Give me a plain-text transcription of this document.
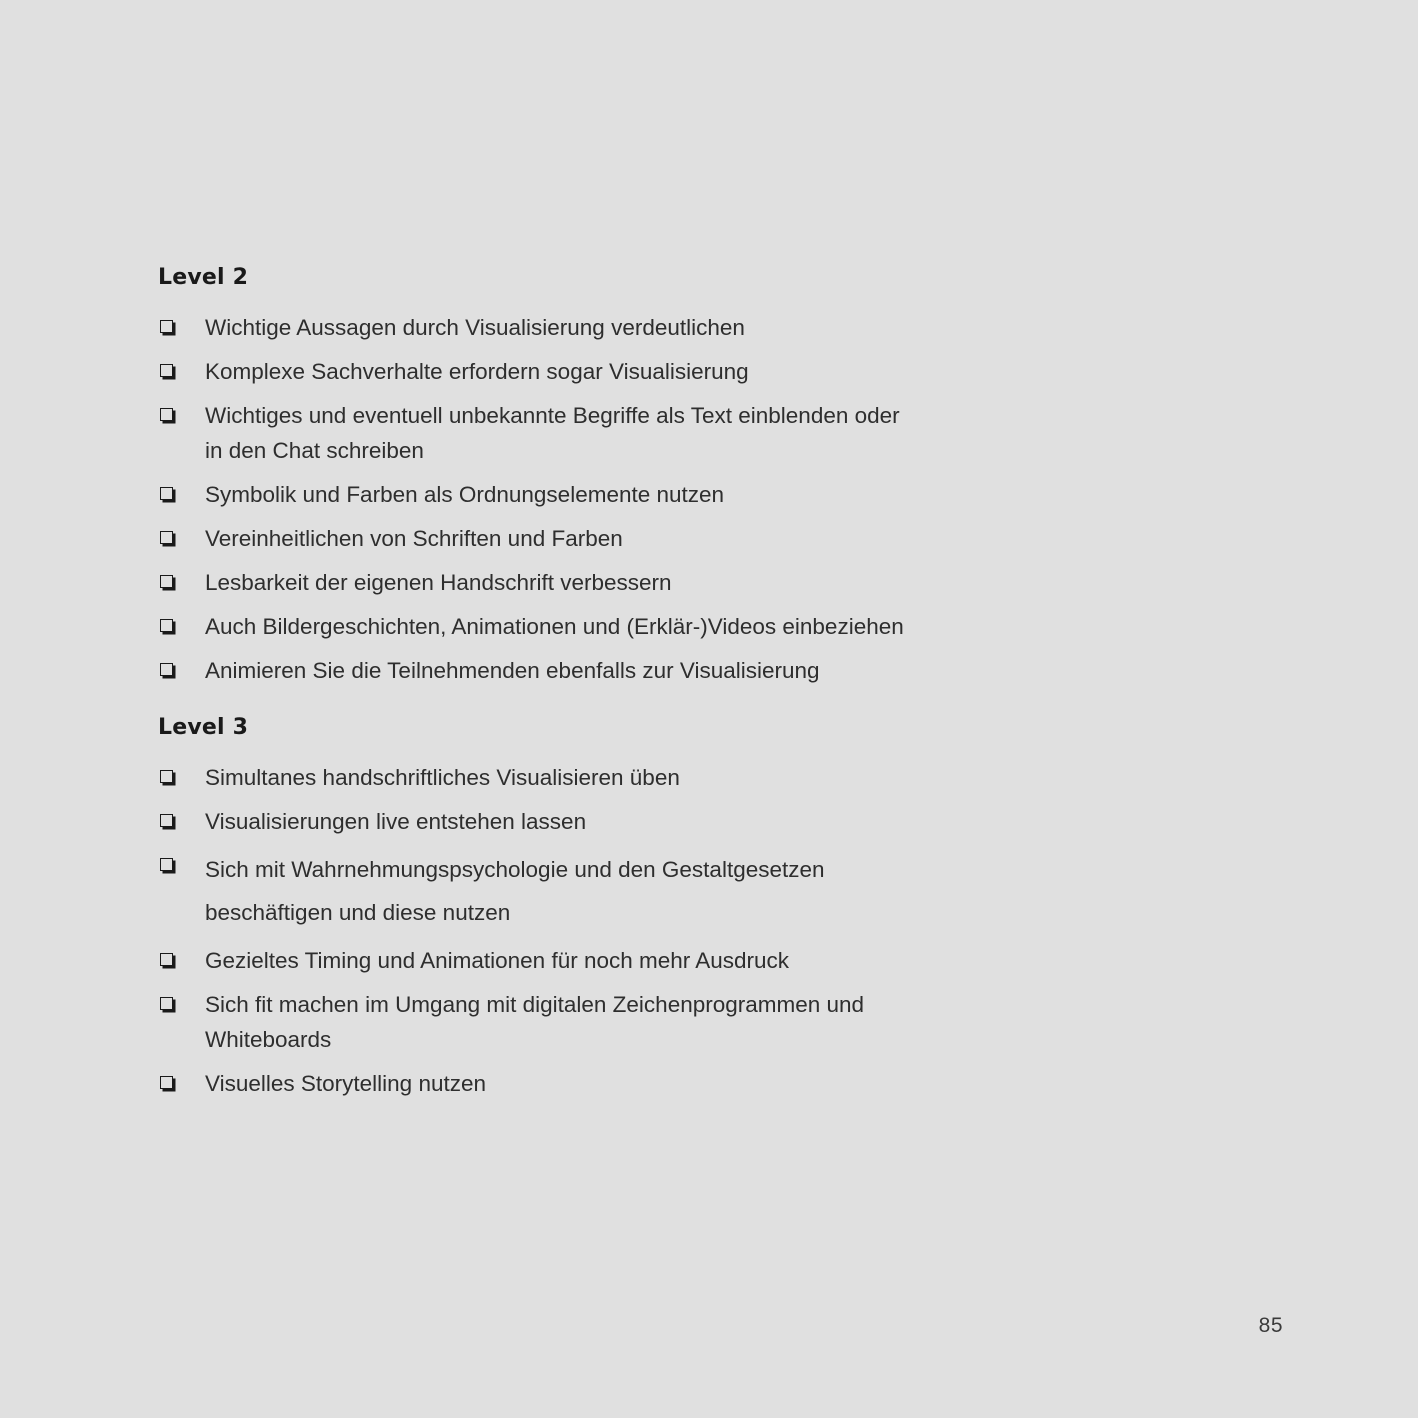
Level 2
Wichtige Aussagen durch Visualisierung verdeutlichen
Komplexe Sachverhalte erfordern sogar Visualisierung
Wichtiges und eventuell unbekannte Begriffe als Text einblenden oder in den Chat schreiben
Symbolik und Farben als Ordnungselemente nutzen
Vereinheitlichen von Schriften und Farben
Lesbarkeit der eigenen Handschrift verbessern
Auch Bildergeschichten, Animationen und (Erklär-)Videos einbeziehen
Animieren Sie die Teilnehmenden ebenfalls zur Visualisierung
Level 3
Simultanes handschriftliches Visualisieren üben
Visualisierungen live entstehen lassen
Sich mit Wahrnehmungspsychologie und den Gestaltgesetzen beschäftigen und diese nutzen
Gezieltes Timing und Animationen für noch mehr Ausdruck
Sich fit machen im Umgang mit digitalen Zeichenprogrammen und Whiteboards
Visuelles Storytelling nutzen
85
